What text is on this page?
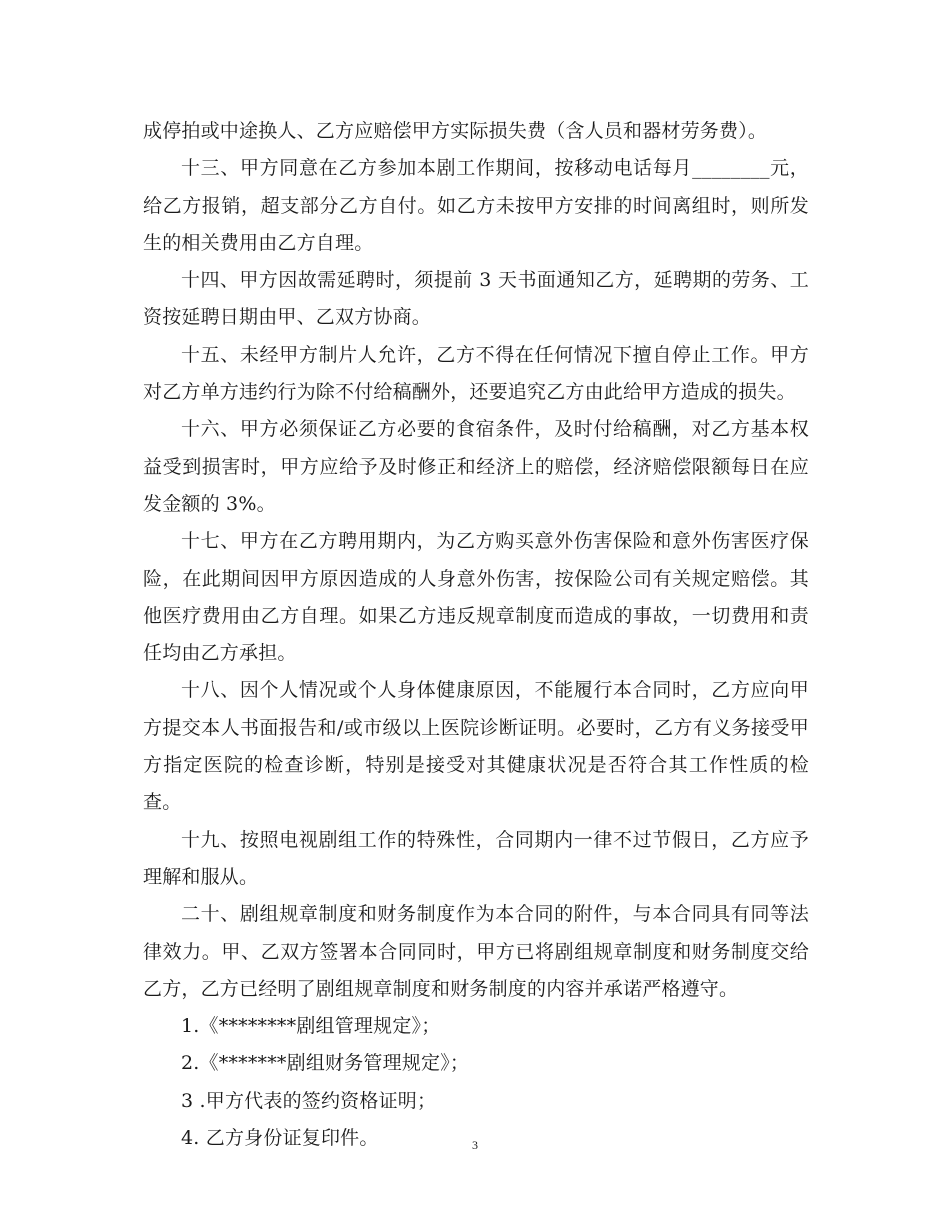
成停拍或中途换人、乙方应赔偿甲方实际损失费（含人员和器材劳务费）。

十三、甲方同意在乙方参加本剧工作期间，按移动电话每月________元，给乙方报销，超支部分乙方自付。如乙方未按甲方安排的时间离组时，则所发生的相关费用由乙方自理。

十四、甲方因故需延聘时，须提前 3 天书面通知乙方，延聘期的劳务、工资按延聘日期由甲、乙双方协商。

十五、未经甲方制片人允许，乙方不得在任何情况下擅自停止工作。甲方对乙方单方违约行为除不付给稿酬外，还要追究乙方由此给甲方造成的损失。

十六、甲方必须保证乙方必要的食宿条件，及时付给稿酬，对乙方基本权益受到损害时，甲方应给予及时修正和经济上的赔偿，经济赔偿限额每日在应发金额的 3%。

十七、甲方在乙方聘用期内，为乙方购买意外伤害保险和意外伤害医疗保险，在此期间因甲方原因造成的人身意外伤害，按保险公司有关规定赔偿。其他医疗费用由乙方自理。如果乙方违反规章制度而造成的事故，一切费用和责任均由乙方承担。

十八、因个人情况或个人身体健康原因，不能履行本合同时，乙方应向甲方提交本人书面报告和/或市级以上医院诊断证明。必要时，乙方有义务接受甲方指定医院的检查诊断，特别是接受对其健康状况是否符合其工作性质的检查。

十九、按照电视剧组工作的特殊性，合同期内一律不过节假日，乙方应予理解和服从。

二十、剧组规章制度和财务制度作为本合同的附件，与本合同具有同等法律效力。甲、乙双方签署本合同同时，甲方已将剧组规章制度和财务制度交给乙方，乙方已经明了剧组规章制度和财务制度的内容并承诺严格遵守。

1.《********剧组管理规定》；

2.《*******剧组财务管理规定》；

3 .甲方代表的签约资格证明；

4. 乙方身份证复印件。	3
